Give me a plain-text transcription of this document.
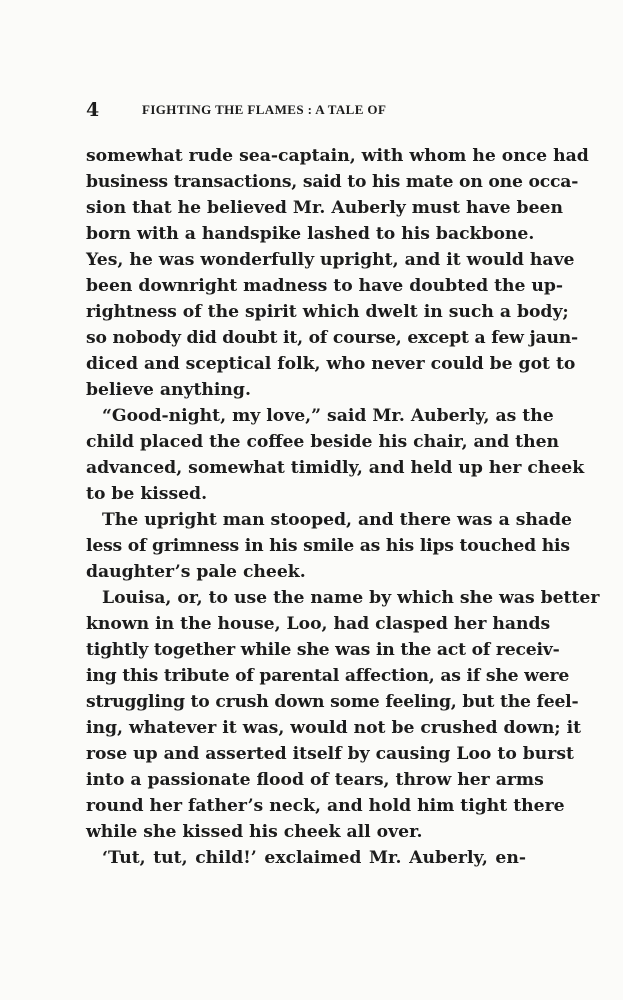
4	FIGHTING THE FLAMES : A TALE OF
somewhat rude sea-captain, with whom he once had
business transactions, said to his mate on one occa-
sion that he believed Mr. Auberly must have been
born with a handspike lashed to his backbone.
Yes, he was wonderfully upright, and it would have
been downright madness to have doubted the up-
rightness of the spirit which dwelt in such a body;
so nobody did doubt it, of course, except a few jaun-
diced and sceptical folk, who never could be got to
believe anything.
“Good-night, my love,” said Mr. Auberly, as the
child placed the coffee beside his chair, and then
advanced, somewhat timidly, and held up her cheek
to be kissed.
The upright man stooped, and there was a shade
less of grimness in his smile as his lips touched his
daughter’s pale cheek.
Louisa, or, to use the name by which she was better
known in the house, Loo, had clasped her hands
tightly together while she was in the act of receiv-
ing this tribute of parental affection, as if she were
struggling to crush down some feeling, but the feel-
ing, whatever it was, would not be crushed down; it
rose up and asserted itself by causing Loo to burst
into a passionate flood of tears, throw her arms
round her father’s neck, and hold him tight there
while she kissed his cheek all over.
‘Tut, tut, child!’ exclaimed Mr. Auberly, en-
